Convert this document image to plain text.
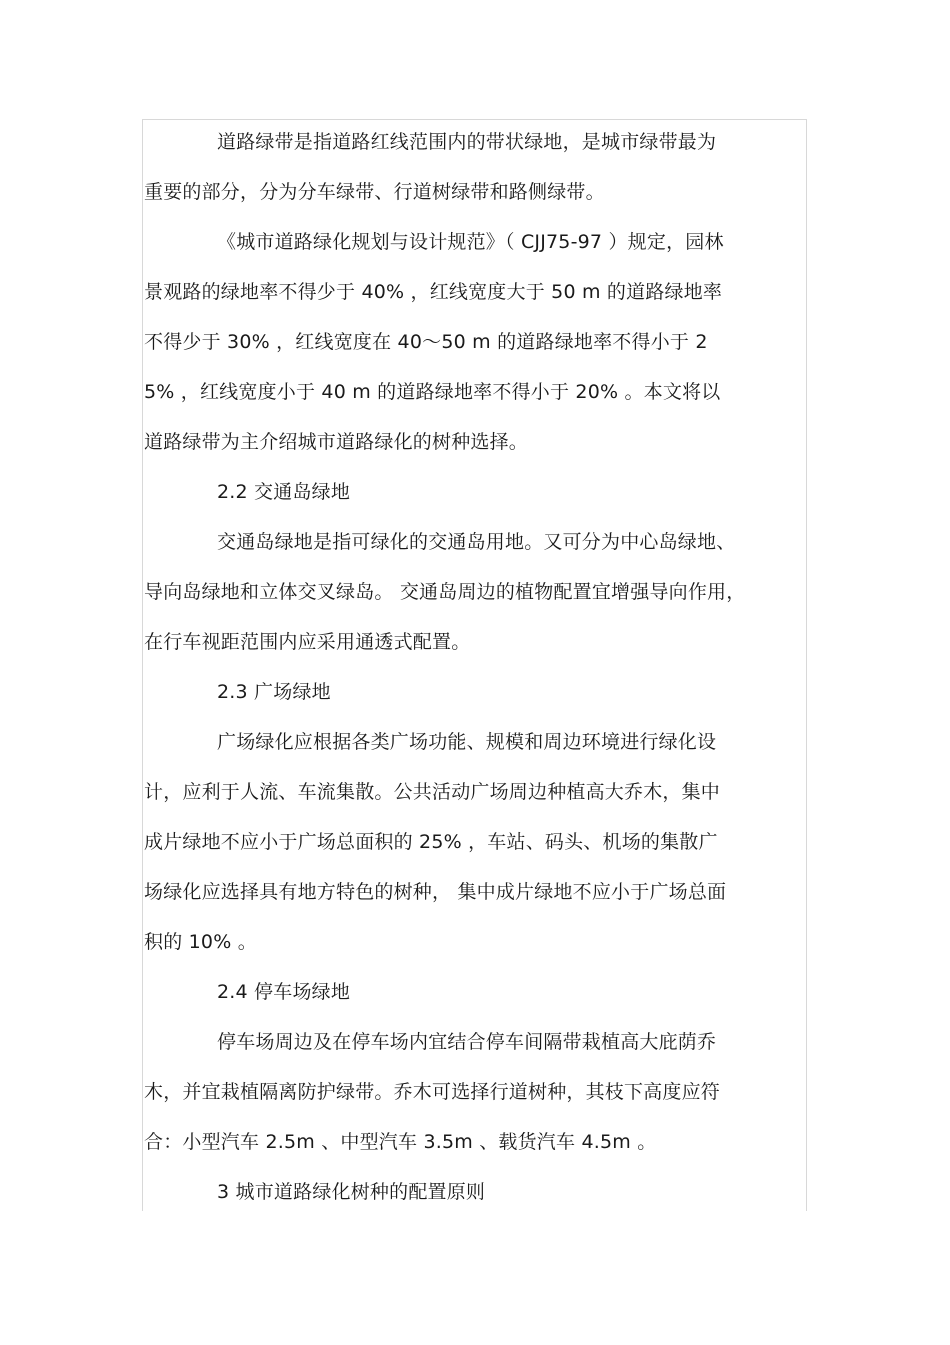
道路绿带是指道路红线范围内的带状绿地，是城市绿带最为
重要的部分，分为分车绿带、行道树绿带和路侧绿带。
《城市道路绿化规划与设计规范》（ CJJ75-97 ）规定，园林
景观路的绿地率不得少于 40% ，红线宽度大于 50 m 的道路绿地率
不得少于 30% ，红线宽度在 40～50 m 的道路绿地率不得小于 2
5% ，红线宽度小于 40 m 的道路绿地率不得小于 20% 。本文将以
道路绿带为主介绍城市道路绿化的树种选择。
2.2 交通岛绿地
交通岛绿地是指可绿化的交通岛用地。又可分为中心岛绿地、
导向岛绿地和立体交叉绿岛。 交通岛周边的植物配置宜增强导向作用，
在行车视距范围内应采用通透式配置。
2.3 广场绿地
广场绿化应根据各类广场功能、规模和周边环境进行绿化设
计，应利于人流、车流集散。公共活动广场周边种植高大乔木，集中
成片绿地不应小于广场总面积的 25% ，车站、码头、机场的集散广
场绿化应选择具有地方特色的树种， 集中成片绿地不应小于广场总面
积的 10% 。
2.4 停车场绿地
停车场周边及在停车场内宜结合停车间隔带栽植高大庇荫乔
木，并宜栽植隔离防护绿带。乔木可选择行道树种，其枝下高度应符
合：小型汽车 2.5m 、中型汽车 3.5m 、载货汽车 4.5m 。
3 城市道路绿化树种的配置原则
